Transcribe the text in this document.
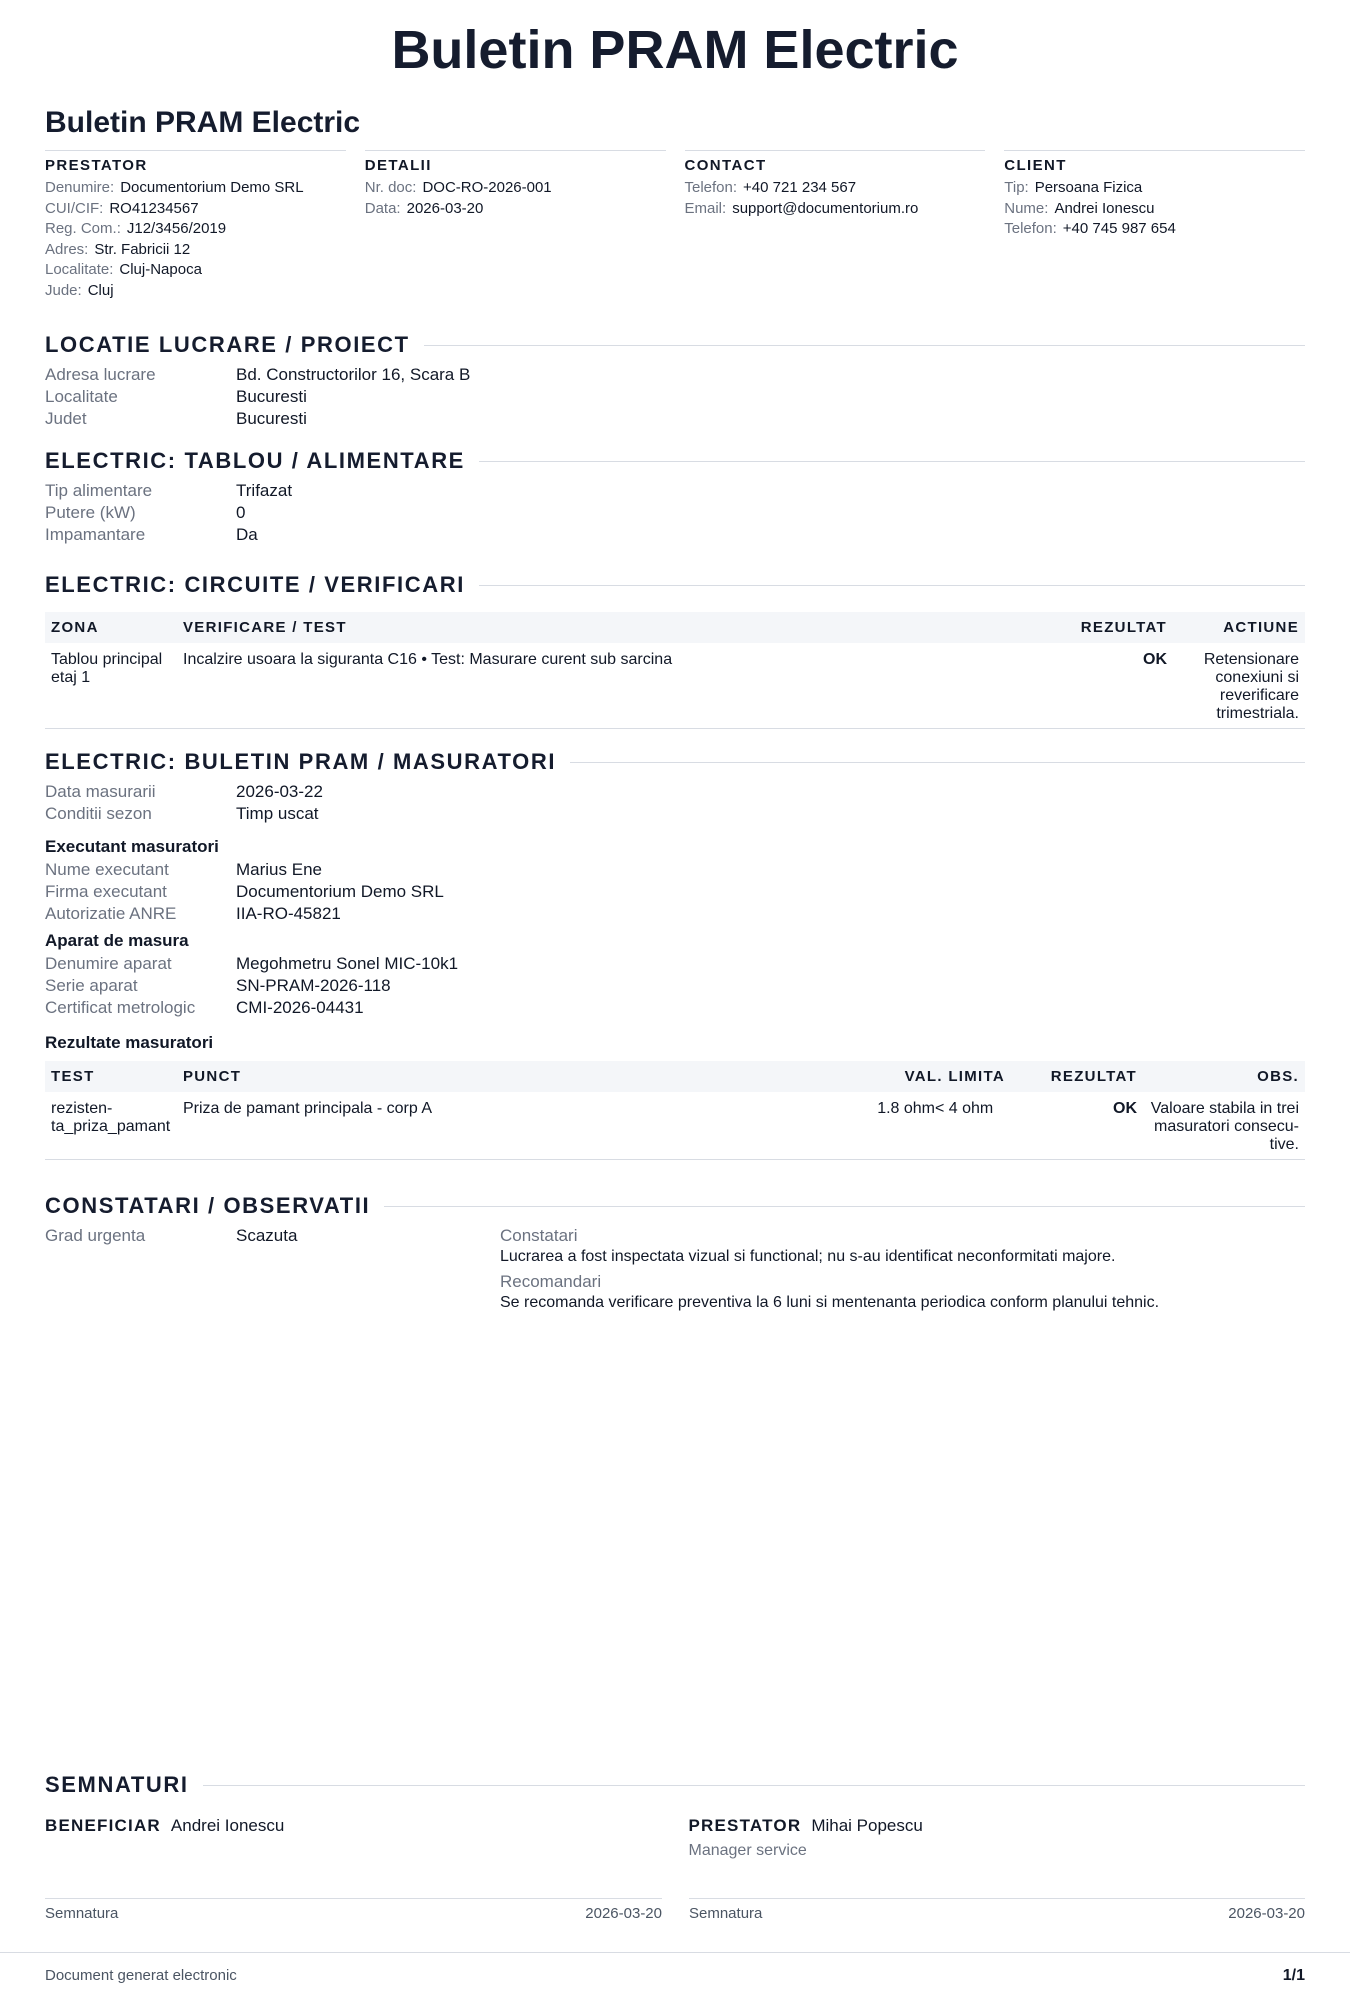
Buletin PRAM Electric
Buletin PRAM Electric
PRESTATOR
Denumire: Documentorium Demo SRL
CUI/CIF: RO41234567
Reg. Com.: J12/3456/2019
Adres: Str. Fabricii 12
Localitate: Cluj-Napoca
Jude: Cluj
DETALII
Nr. doc: DOC-RO-2026-001
Data: 2026-03-20
CONTACT
Telefon: +40 721 234 567
Email: support@documentorium.ro
CLIENT
Tip: Persoana Fizica
Nume: Andrei Ionescu
Telefon: +40 745 987 654
LOCATIE LUCRARE / PROIECT
Adresa lucrare	Bd. Constructorilor 16, Scara B
Localitate	Bucuresti
Judet	Bucuresti
ELECTRIC: TABLOU / ALIMENTARE
Tip alimentare	Trifazat
Putere (kW)	0
Impamantare	Da
ELECTRIC: CIRCUITE / VERIFICARI
ZONA	VERIFICARE / TEST	REZULTAT	ACTIUNE
Tablou principal etaj 1	Incalzire usoara la siguranta C16 • Test: Masurare curent sub sarcina	OK	Retensionare conexiuni si reverificare trimestriala.
ELECTRIC: BULETIN PRAM / MASURATORI
Data masurarii	2026-03-22
Conditii sezon	Timp uscat
Executant masuratori
Nume executant	Marius Ene
Firma executant	Documentorium Demo SRL
Autorizatie ANRE	IIA-RO-45821
Aparat de masura
Denumire aparat	Megohmetru Sonel MIC-10k1
Serie aparat	SN-PRAM-2026-118
Certificat metrologic	CMI-2026-04431
Rezultate masuratori
TEST	PUNCT	VAL. LIMITA		REZULTAT	OBS.
rezisten-ta_priza_pamant	Priza de pamant principala - corp A	1.8 ohm	< 4 ohm	OK	Valoare stabila in trei masuratori consecu-tive.
CONSTATARI / OBSERVATII
Grad urgenta	Scazuta	Constatari
Lucrarea a fost inspectata vizual si functional; nu s-au identificat neconformitati majore.
Recomandari
Se recomanda verificare preventiva la 6 luni si mentenanta periodica conform planului tehnic.
SEMNATURI
BENEFICIAR Andrei Ionescu	PRESTATOR Mihai Popescu
Manager service
Semnatura	2026-03-20 Semnatura	2026-03-20
Document generat electronic	1/1
